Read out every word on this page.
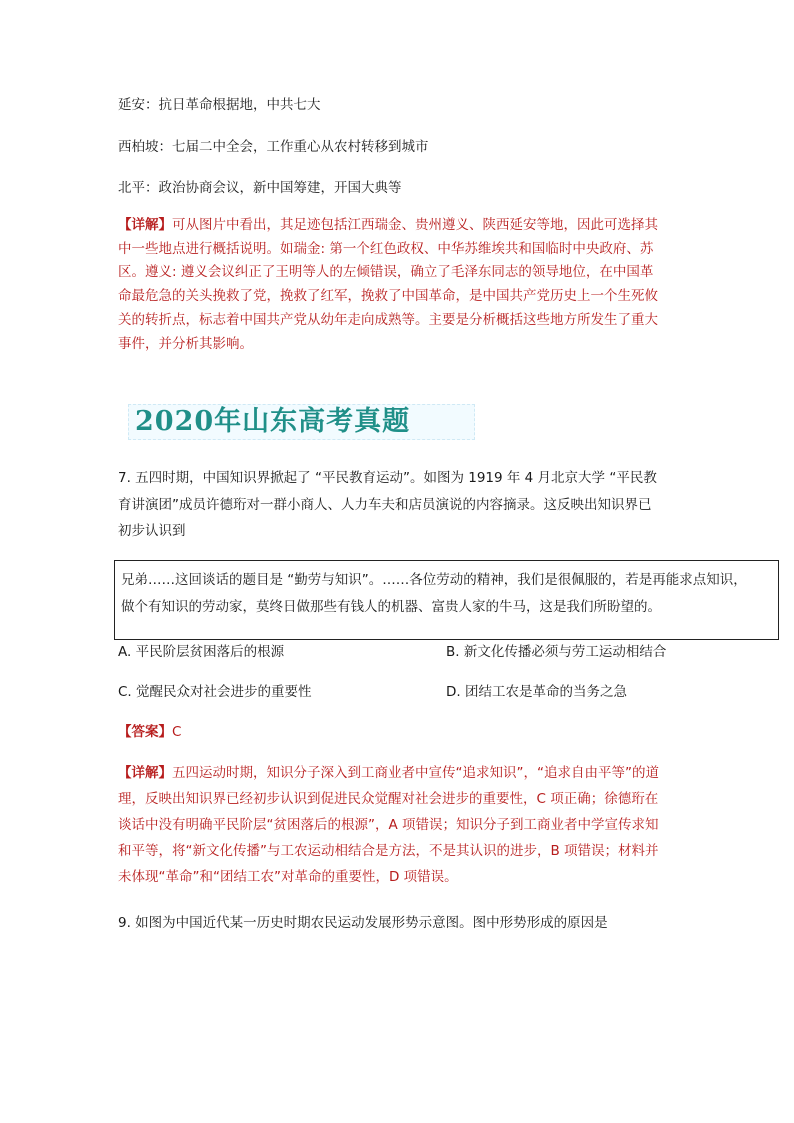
延安：抗日革命根据地，中共七大
西柏坡：七届二中全会，工作重心从农村转移到城市
北平：政治协商会议，新中国筹建，开国大典等
【详解】可从图片中看出，其足迹包括江西瑞金、贵州遵义、陕西延安等地，因此可选择其
中一些地点进行概括说明。如瑞金: 第一个红色政权、中华苏维埃共和国临时中央政府、苏
区。遵义: 遵义会议纠正了王明等人的左倾错误，确立了毛泽东同志的领导地位，在中国革
命最危急的关头挽救了党，挽救了红军，挽救了中国革命，是中国共产党历史上一个生死攸
关的转折点，标志着中国共产党从幼年走向成熟等。主要是分析概括这些地方所发生了重大
事件，并分析其影响。
2020年山东高考真题
7. 五四时期，中国知识界掀起了 “平民教育运动”。如图为 1919 年 4 月北京大学 “平民教
育讲演团”成员许德珩对一群小商人、人力车夫和店员演说的内容摘录。这反映出知识界已
初步认识到
兄弟……这回谈话的题目是 “勤劳与知识”。……各位劳动的精神，我们是很佩服的，若是再能求点知识，
做个有知识的劳动家，莫终日做那些有钱人的机器、富贵人家的牛马，这是我们所盼望的。
A. 平民阶层贫困落后的根源	B. 新文化传播必须与劳工运动相结合
C. 觉醒民众对社会进步的重要性	D. 团结工农是革命的当务之急
【答案】C
【详解】五四运动时期，知识分子深入到工商业者中宣传“追求知识”，“追求自由平等”的道
理，反映出知识界已经初步认识到促进民众觉醒对社会进步的重要性，C 项正确；徐德珩在
谈话中没有明确平民阶层“贫困落后的根源”，A 项错误；知识分子到工商业者中学宣传求知
和平等，将“新文化传播”与工农运动相结合是方法，不是其认识的进步，B 项错误；材料并
未体现“革命”和“团结工农”对革命的重要性，D 项错误。
9. 如图为中国近代某一历史时期农民运动发展形势示意图。图中形势形成的原因是
